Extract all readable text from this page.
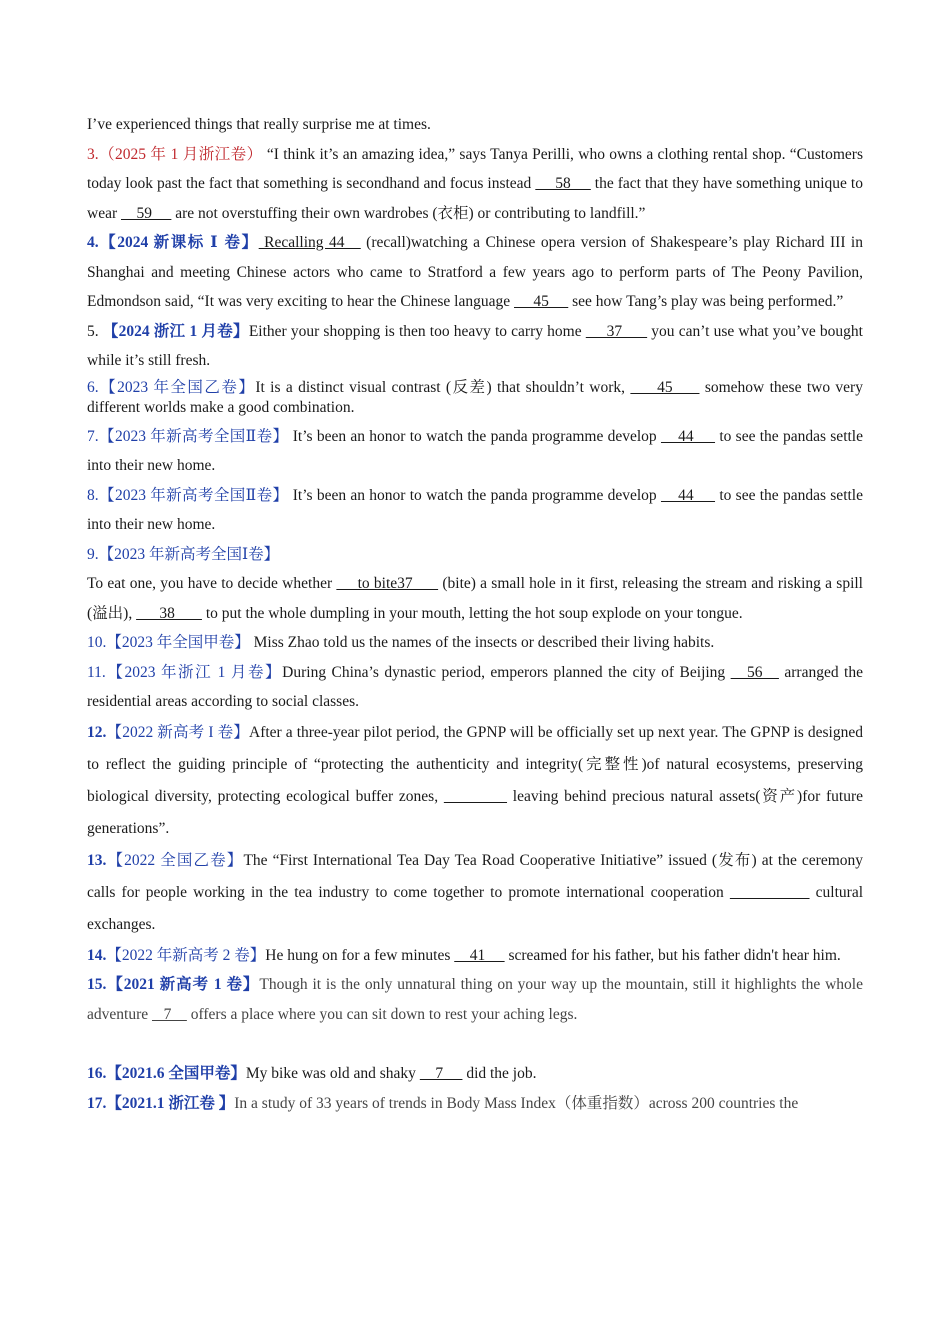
I’ve experienced things that really surprise me at times.

3.（2025 年 1 月浙江卷） “I think it’s an amazing idea,” says Tanya Perilli, who owns a clothing rental shop. “Customers today look past the fact that something is secondhand and focus instead      58      the fact that they have something unique to wear     59      are not overstuffing their own wardrobes (衣柜) or contributing to landfill.”

4.【2024 新课标 Ⅰ 卷】 Recalling 44    (recall)watching a Chinese opera version of Shakespeare’s play Richard III in Shanghai and meeting Chinese actors who came to Stratford a few years ago to perform parts of The Peony Pavilion, Edmondson said, “It was very exciting to hear the Chinese language      45      see how Tang’s play was being performed.”

5. 【2024 浙江 1 月卷】Either your shopping is then too heavy to carry home      37       you can’t use what you’ve bought while it’s still fresh.

6.【2023 年全国乙卷】It is a distinct visual contrast (反差) that shouldn’t work,      45      somehow these two very different worlds make a good combination.

7.【2023 年新高考全国Ⅱ卷】 It’s been an honor to watch the panda programme develop     44      to see the pandas settle into their new home.

8.【2023 年新高考全国Ⅱ卷】 It’s been an honor to watch the panda programme develop     44      to see the pandas settle into their new home.

9.【2023 年新高考全国Ⅰ卷】

To eat one, you have to decide whether      to bite37       (bite) a small hole in it first, releasing the stream and risking a spill (溢出),       38        to put the whole dumpling in your mouth, letting the hot soup explode on your tongue.

10.【2023 年全国甲卷】 Miss Zhao told us the names of the insects or described their living habits.

11.【2023 年浙江 1 月卷】During China’s dynastic period, emperors planned the city of Beijing    56    arranged the residential areas according to social classes.

12.【2022 新高考 I 卷】After a three-year pilot period, the GPNP will be officially set up next year. The GPNP is designed to reflect the guiding principle of “protecting the authenticity and integrity(完整性)of natural ecosystems, preserving biological diversity, protecting ecological buffer zones,	leaving behind precious natural assets(资产)for future generations”.

13.【2022 全国乙卷】The “First International Tea Day Tea Road Cooperative Initiative” issued (发布) at the ceremony calls for people working in the tea industry to come together to promote international cooperation	cultural exchanges.

14.【2022 年新高考 2 卷】He hung on for a few minutes     41      screamed for his father, but his father didn't hear him.

15.【2021 新高考 1 卷】Though it is the only unnatural thing on your way up the mountain, still it highlights the whole adventure    7     offers a place where you can sit down to rest your aching legs.

16.【2021.6 全国甲卷】My bike was old and shaky     7      did the job.

17.【2021.1 浙江卷 】In a study of 33 years of trends in Body Mass Index（体重指数）across 200 countries the
